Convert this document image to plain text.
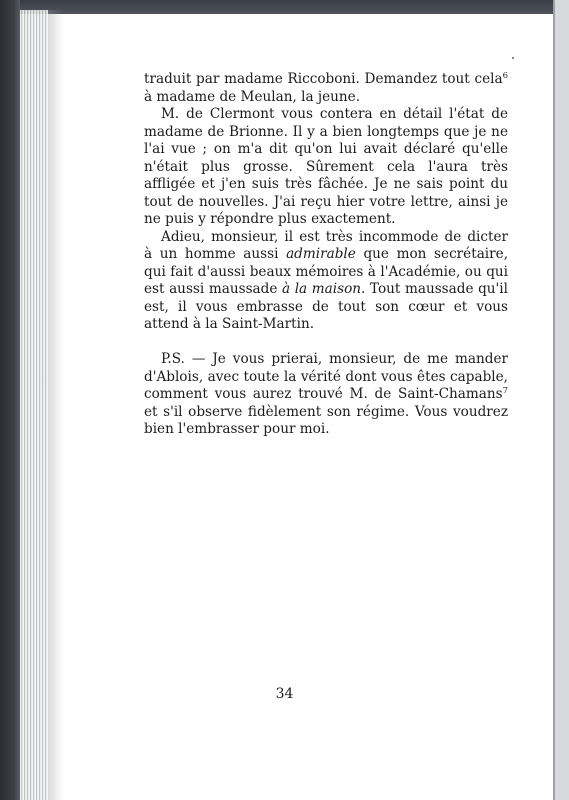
traduit par madame Riccoboni. Demandez tout cela$^6$ à madame de Meulan, la jeune.

M. de Clermont vous contera en détail l'état de madame de Brionne. Il y a bien longtemps que je ne l'ai vue ; on m'a dit qu'on lui avait déclaré qu'elle n'était plus grosse. Sûrement cela l'aura très affligée et j'en suis très fâchée. Je ne sais point du tout de nouvelles. J'ai reçu hier votre lettre, ainsi je ne puis y répondre plus exactement.

Adieu, monsieur, il est très incommode de dicter à un homme aussi admirable que mon secrétaire, qui fait d'aussi beaux mémoires à l'Académie, ou qui est aussi maussade à la maison. Tout maussade qu'il est, il vous embrasse de tout son cœur et vous attend à la Saint-Martin.

P.S. — Je vous prierai, monsieur, de me mander d'Ablois, avec toute la vérité dont vous êtes capable, comment vous aurez trouvé M. de Saint-Chamans$^7$ et s'il observe fidèlement son régime. Vous voudrez bien l'embrasser pour moi.

34
